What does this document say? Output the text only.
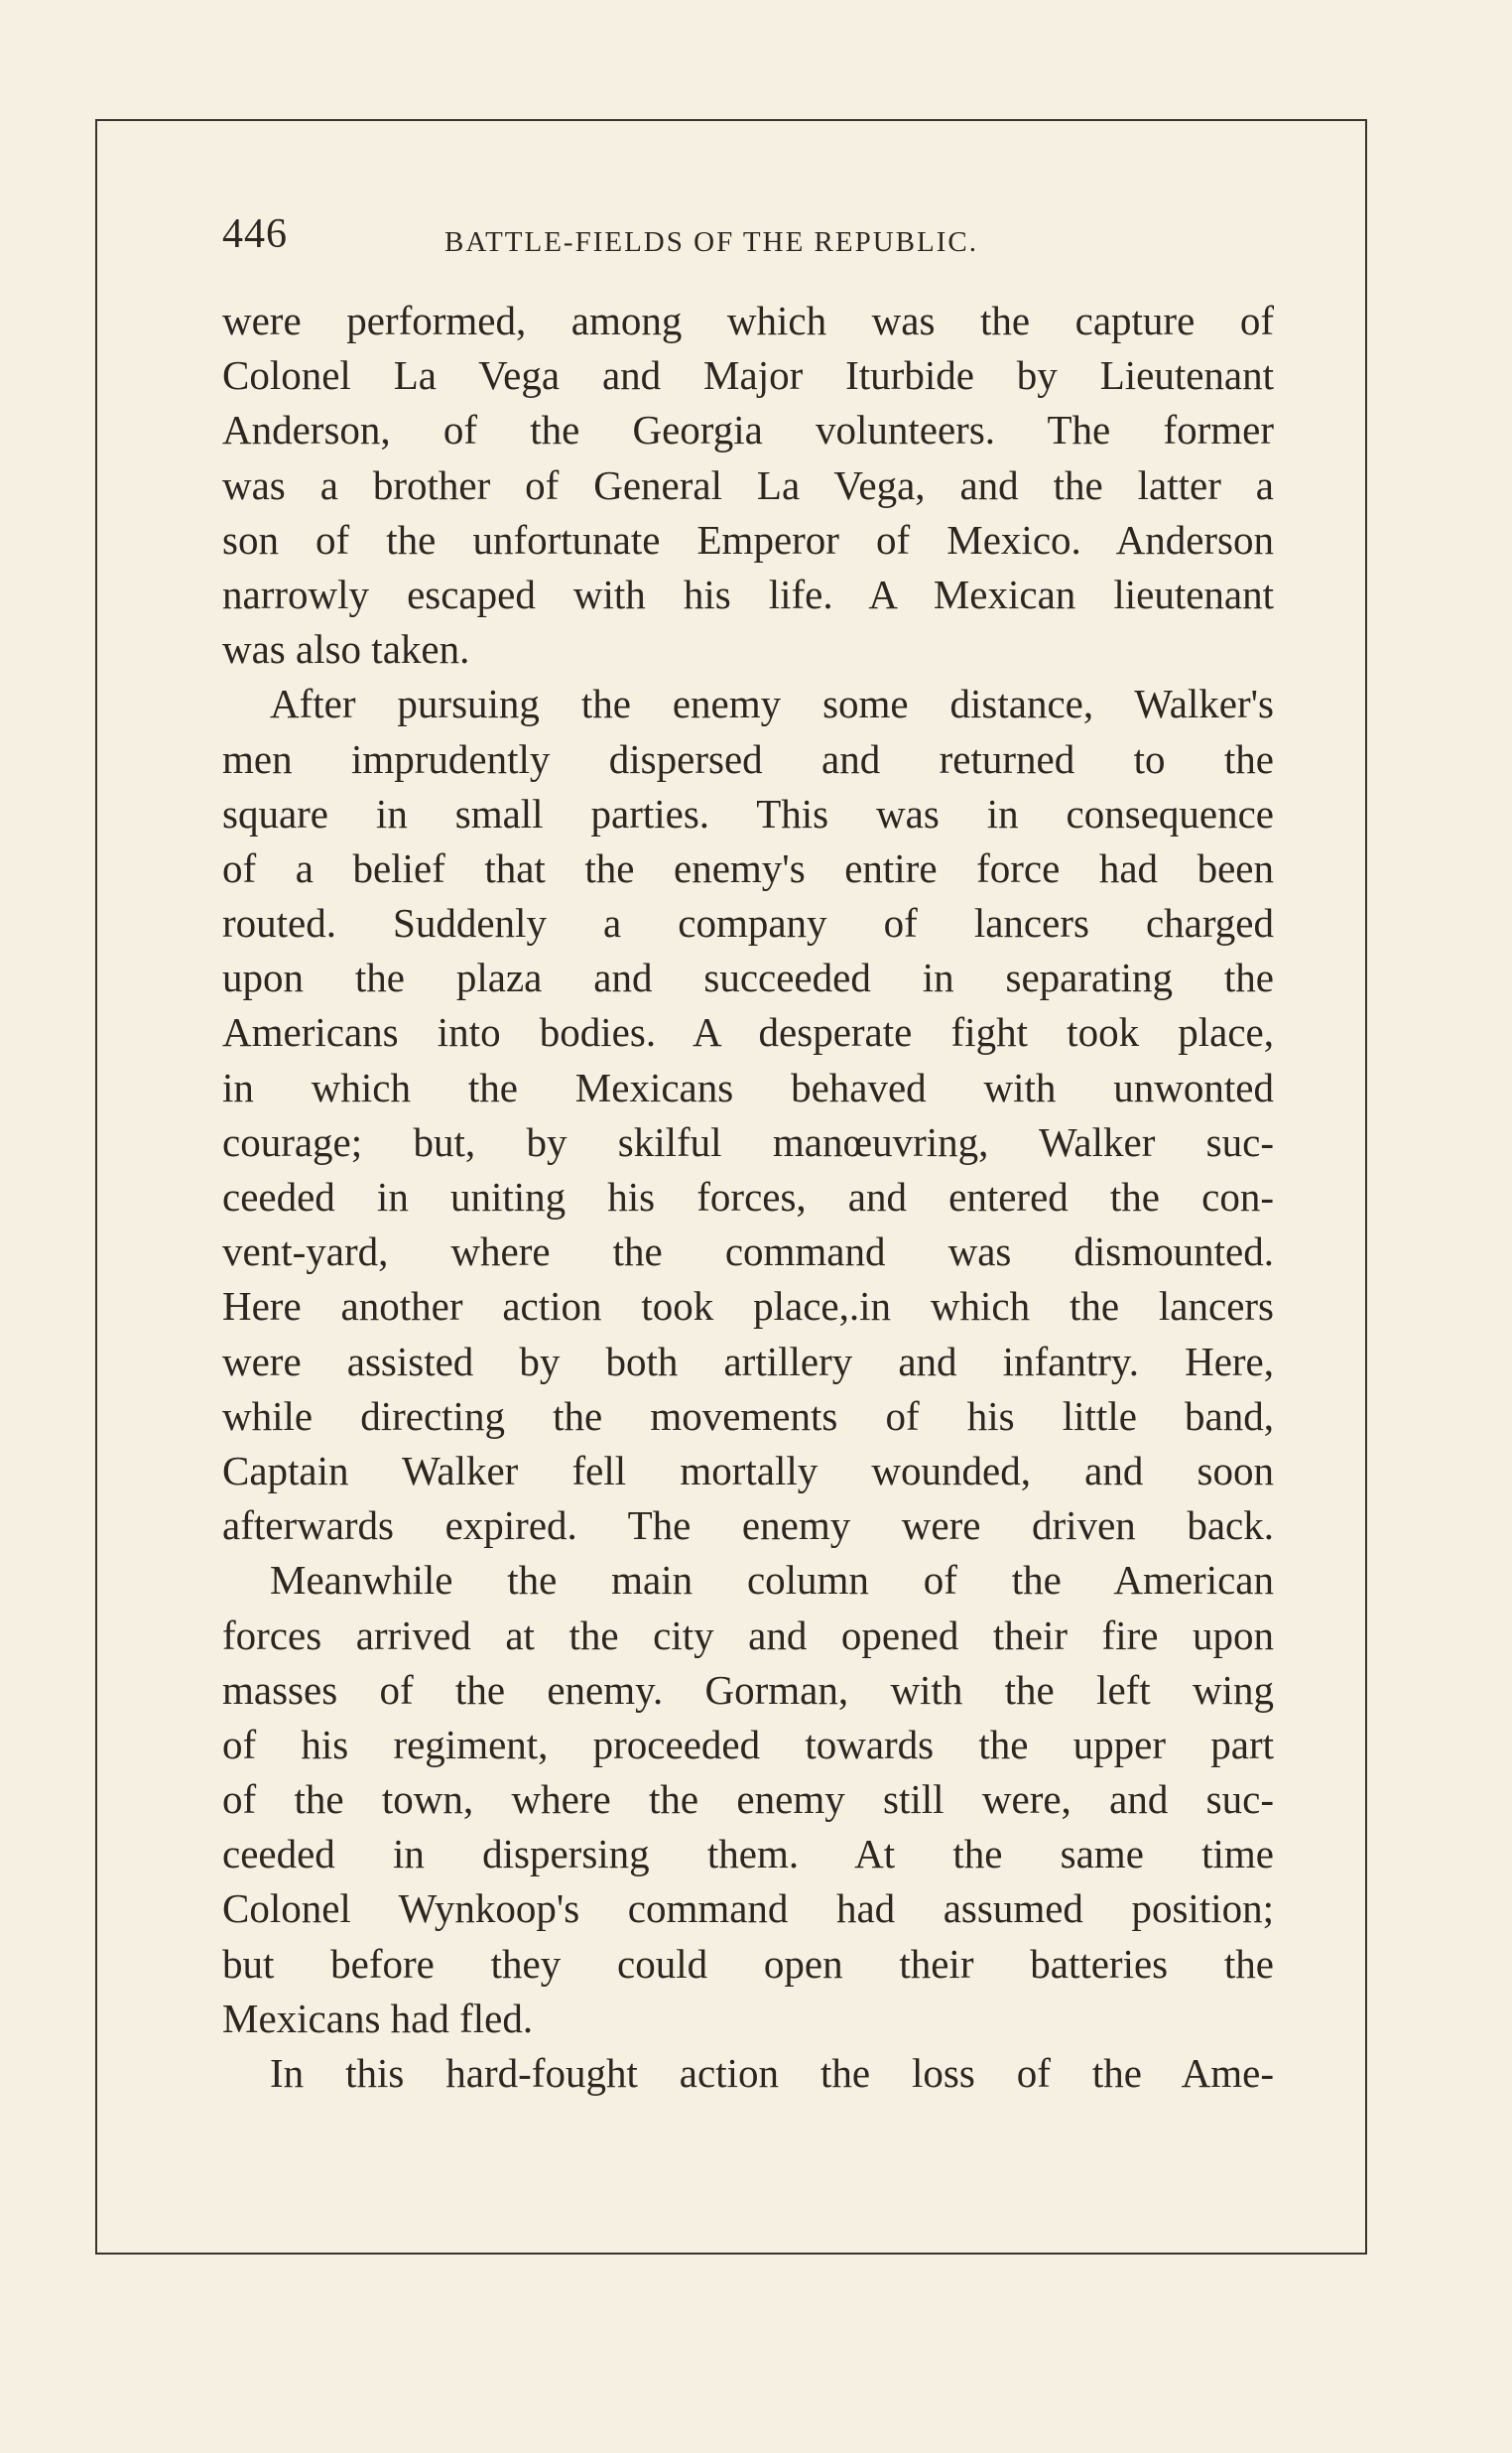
446	BATTLE-FIELDS OF THE REPUBLIC.
were performed, among which was the capture of
Colonel La Vega and Major Iturbide by Lieutenant
Anderson, of the Georgia volunteers. The former
was a brother of General La Vega, and the latter a
son of the unfortunate Emperor of Mexico. Anderson
narrowly escaped with his life. A Mexican lieutenant
was also taken.
After pursuing the enemy some distance, Walker's
men imprudently dispersed and returned to the
square in small parties. This was in consequence
of a belief that the enemy's entire force had been
routed. Suddenly a company of lancers charged
upon the plaza and succeeded in separating the
Americans into bodies. A desperate fight took place,
in which the Mexicans behaved with unwonted
courage; but, by skilful manœuvring, Walker suc-
ceeded in uniting his forces, and entered the con-
vent-yard, where the command was dismounted.
Here another action took place,.in which the lancers
were assisted by both artillery and infantry. Here,
while directing the movements of his little band,
Captain Walker fell mortally wounded, and soon
afterwards expired. The enemy were driven back.
Meanwhile the main column of the American
forces arrived at the city and opened their fire upon
masses of the enemy. Gorman, with the left wing
of his regiment, proceeded towards the upper part
of the town, where the enemy still were, and suc-
ceeded in dispersing them. At the same time
Colonel Wynkoop's command had assumed position;
but before they could open their batteries the
Mexicans had fled.
In this hard-fought action the loss of the Ame-
